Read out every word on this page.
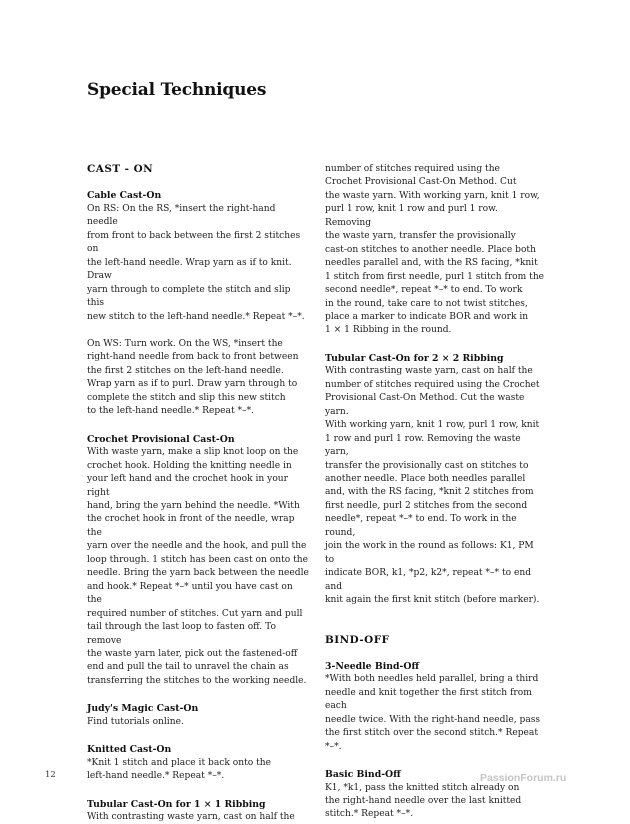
Special Techniques
CAST - ON
Cable Cast-On

On RS: On the RS, *insert the right-hand needle

from front to back between the first 2 stitches on

the left-hand needle. Wrap yarn as if to knit. Draw

yarn through to complete the stitch and slip this

new stitch to the left-hand needle.* Repeat *–*.

On WS: Turn work. On the WS, *insert the

right-hand needle from back to front between

the first 2 stitches on the left-hand needle.

Wrap yarn as if to purl. Draw yarn through to

complete the stitch and slip this new stitch

to the left-hand needle.* Repeat *–*.

Crochet Provisional Cast-On

With waste yarn, make a slip knot loop on the

crochet hook. Holding the knitting needle in

your left hand and the crochet hook in your right

hand, bring the yarn behind the needle. *With

the crochet hook in front of the needle, wrap the

yarn over the needle and the hook, and pull the

loop through. 1 stitch has been cast on onto the

needle. Bring the yarn back between the needle

and hook.* Repeat *–* until you have cast on the

required number of stitches. Cut yarn and pull

tail through the last loop to fasten off. To remove

the waste yarn later, pick out the fastened-off

end and pull the tail to unravel the chain as

transferring the stitches to the working needle.

Judy's Magic Cast-On

Find tutorials online.

Knitted Cast-On

*Knit 1 stitch and place it back onto the

left-hand needle.* Repeat *–*.

Tubular Cast-On for 1 × 1 Ribbing

With contrasting waste yarn, cast on half the

number of stitches required using the

Crochet Provisional Cast-On Method. Cut

the waste yarn. With working yarn, knit 1 row,

purl 1 row, knit 1 row and purl 1 row. Removing

the waste yarn, transfer the provisionally

cast-on stitches to another needle. Place both

needles parallel and, with the RS facing, *knit

1 stitch from first needle, purl 1 stitch from the

second needle*, repeat *–* to end. To work

in the round, take care to not twist stitches,

place a marker to indicate BOR and work in

1 × 1 Ribbing in the round.

Tubular Cast-On for 2 × 2 Ribbing

With contrasting waste yarn, cast on half the

number of stitches required using the Crochet

Provisional Cast-On Method. Cut the waste yarn.

With working yarn, knit 1 row, purl 1 row, knit

1 row and purl 1 row. Removing the waste yarn,

transfer the provisionally cast on stitches to

another needle. Place both needles parallel

and, with the RS facing, *knit 2 stitches from

first needle, purl 2 stitches from the second

needle*, repeat *–* to end. To work in the round,

join the work in the round as follows: K1, PM to

indicate BOR, k1, *p2, k2*, repeat *–* to end and

knit again the first knit stitch (before marker).

BIND-OFF
3-Needle Bind-Off

*With both needles held parallel, bring a third

needle and knit together the first stitch from each

needle twice. With the right-hand needle, pass

the first stitch over the second stitch.* Repeat *–*.

Basic Bind-Off

K1, *k1, pass the knitted stitch already on

the right-hand needle over the last knitted

stitch.* Repeat *–*.

12	PassionForum.ru
